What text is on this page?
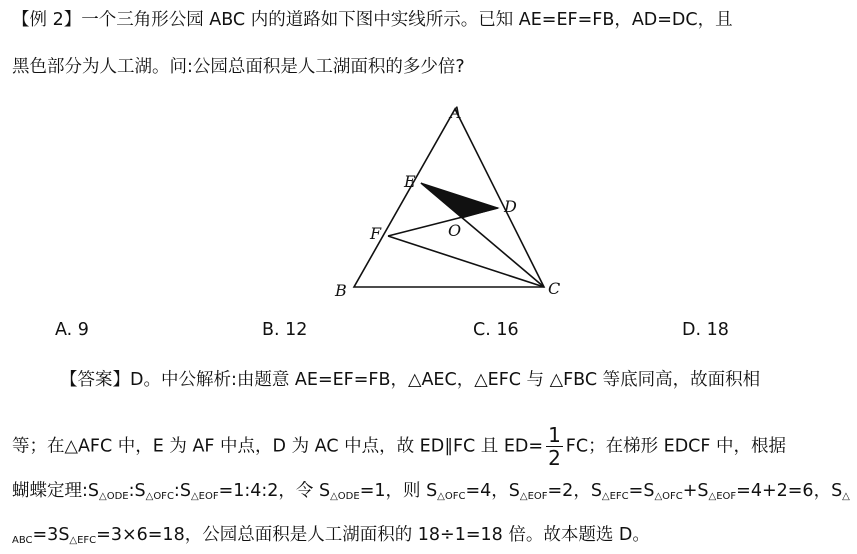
【例 2】一个三角形公园 ABC 内的道路如下图中实线所示。已知 AE=EF=FB，AD=DC，且
黑色部分为人工湖。问:公园总面积是人工湖面积的多少倍?
A
E
D
O
F
B	C
A. 9	B. 12	C. 16	D. 18
【答案】D。中公解析:由题意 AE=EF=FB，△AEC，△EFC 与 △FBC 等底同高，故面积相
等；在△AFC 中，E 为 AF 中点，D 为 AC 中点，故 ED∥FC 且 $ED= \frac{1}{2}$ FC；在梯形 EDCF 中，根据
蝴蝶定理$:S_{\triangle ODE}:S_{\triangle OFC}:S_{\triangle EOF}=1:4:2$，令 $S_{\triangle ODE}=1$，则 $S_{\triangle OFC}=4$，$S_{\triangle EOF}=2$，$S_{\triangle EFC}=S_{\triangle OFC}+S_{\triangle EOF}=4+2=6$，$S_\triangle$
$_{ABC}=3S_{\triangle EFC}=3\times 6=18$，公园总面积是人工湖面积的 18÷1=18 倍。故本题选 D。
